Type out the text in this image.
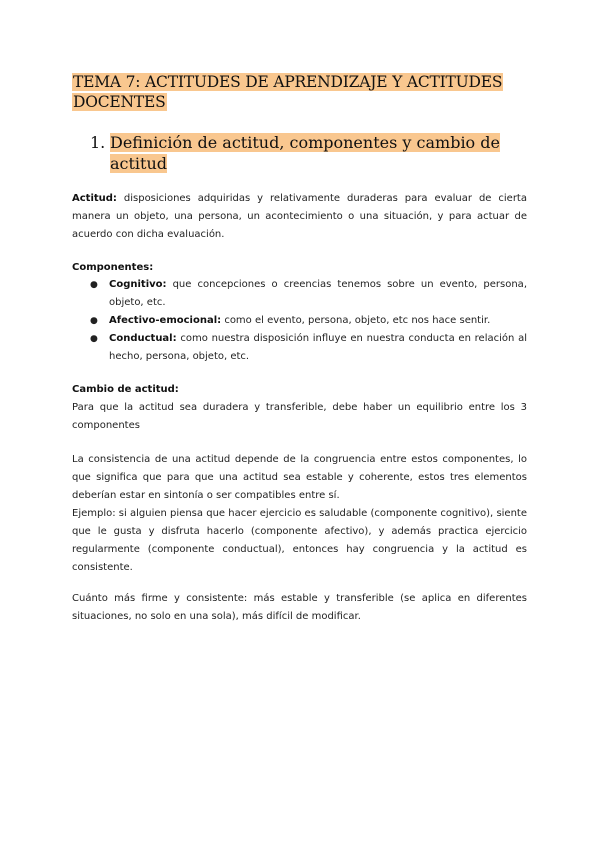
TEMA 7: ACTITUDES DE APRENDIZAJE Y ACTITUDES DOCENTES
1. Definición de actitud, componentes y cambio de actitud
Actitud: disposiciones adquiridas y relativamente duraderas para evaluar de cierta manera un objeto, una persona, un acontecimiento o una situación, y para actuar de acuerdo con dicha evaluación.
Componentes:
● Cognitivo: que concepciones o creencias tenemos sobre un evento, persona, objeto, etc.
● Afectivo-emocional: como el evento, persona, objeto, etc nos hace sentir.
● Conductual: como nuestra disposición influye en nuestra conducta en relación al hecho, persona, objeto, etc.
Cambio de actitud:
Para que la actitud sea duradera y transferible, debe haber un equilibrio entre los 3 componentes
La consistencia de una actitud depende de la congruencia entre estos componentes, lo que significa que para que una actitud sea estable y coherente, estos tres elementos deberían estar en sintonía o ser compatibles entre sí.
Ejemplo: si alguien piensa que hacer ejercicio es saludable (componente cognitivo), siente que le gusta y disfruta hacerlo (componente afectivo), y además practica ejercicio regularmente (componente conductual), entonces hay congruencia y la actitud es consistente.
Cuánto más firme y consistente: más estable y transferible (se aplica en diferentes situaciones, no solo en una sola), más difícil de modificar.
